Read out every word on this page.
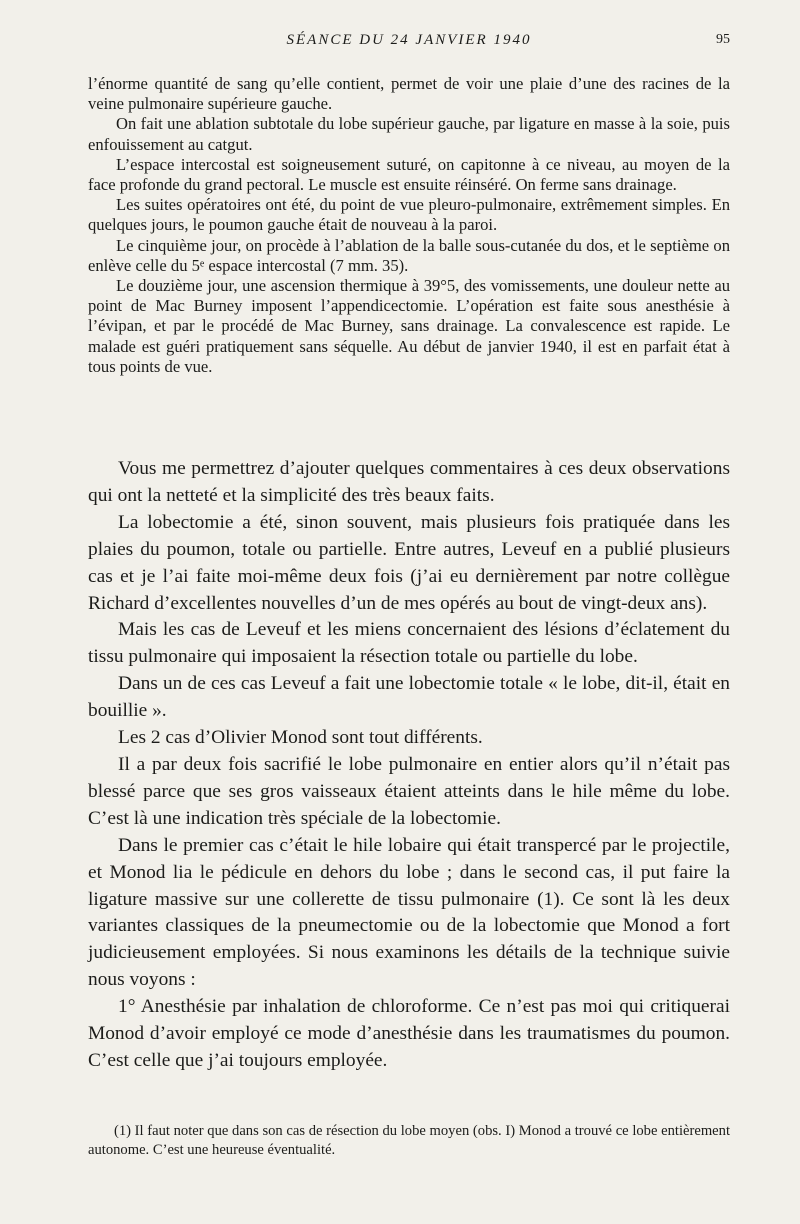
SÉANCE DU 24 JANVIER 1940	95

l’énorme quantité de sang qu’elle contient, permet de voir une plaie d’une des racines de la veine pulmonaire supérieure gauche.

On fait une ablation subtotale du lobe supérieur gauche, par ligature en masse à la soie, puis enfouissement au catgut.

L’espace intercostal est soigneusement suturé, on capitonne à ce niveau, au moyen de la face profonde du grand pectoral. Le muscle est ensuite réinséré. On ferme sans drainage.

Les suites opératoires ont été, du point de vue pleuro-pulmonaire, extrêmement simples. En quelques jours, le poumon gauche était de nouveau à la paroi.

Le cinquième jour, on procède à l’ablation de la balle sous-cutanée du dos, et le septième on enlève celle du 5ᵉ espace intercostal (7 mm. 35).

Le douzième jour, une ascension thermique à 39°5, des vomissements, une douleur nette au point de Mac Burney imposent l’appendicectomie. L’opération est faite sous anesthésie à l’évipan, et par le procédé de Mac Burney, sans drainage. La convalescence est rapide. Le malade est guéri pratiquement sans séquelle. Au début de janvier 1940, il est en parfait état à tous points de vue.

Vous me permettrez d’ajouter quelques commentaires à ces deux observations qui ont la netteté et la simplicité des très beaux faits.

La lobectomie a été, sinon souvent, mais plusieurs fois pratiquée dans les plaies du poumon, totale ou partielle. Entre autres, Leveuf en a publié plusieurs cas et je l’ai faite moi-même deux fois (j’ai eu dernièrement par notre collègue Richard d’excellentes nouvelles d’un de mes opérés au bout de vingt-deux ans).

Mais les cas de Leveuf et les miens concernaient des lésions d’éclatement du tissu pulmonaire qui imposaient la résection totale ou partielle du lobe.

Dans un de ces cas Leveuf a fait une lobectomie totale « le lobe, dit-il, était en bouillie ».

Les 2 cas d’Olivier Monod sont tout différents.

Il a par deux fois sacrifié le lobe pulmonaire en entier alors qu’il n’était pas blessé parce que ses gros vaisseaux étaient atteints dans le hile même du lobe. C’est là une indication très spéciale de la lobectomie.

Dans le premier cas c’était le hile lobaire qui était transpercé par le projectile, et Monod lia le pédicule en dehors du lobe ; dans le second cas, il put faire la ligature massive sur une collerette de tissu pulmonaire (1). Ce sont là les deux variantes classiques de la pneumectomie ou de la lobectomie que Monod a fort judicieusement employées. Si nous examinons les détails de la technique suivie nous voyons :

1° Anesthésie par inhalation de chloroforme. Ce n’est pas moi qui critiquerai Monod d’avoir employé ce mode d’anesthésie dans les traumatismes du poumon. C’est celle que j’ai toujours employée.

(1) Il faut noter que dans son cas de résection du lobe moyen (obs. I) Monod a trouvé ce lobe entièrement autonome. C’est une heureuse éventualité.
